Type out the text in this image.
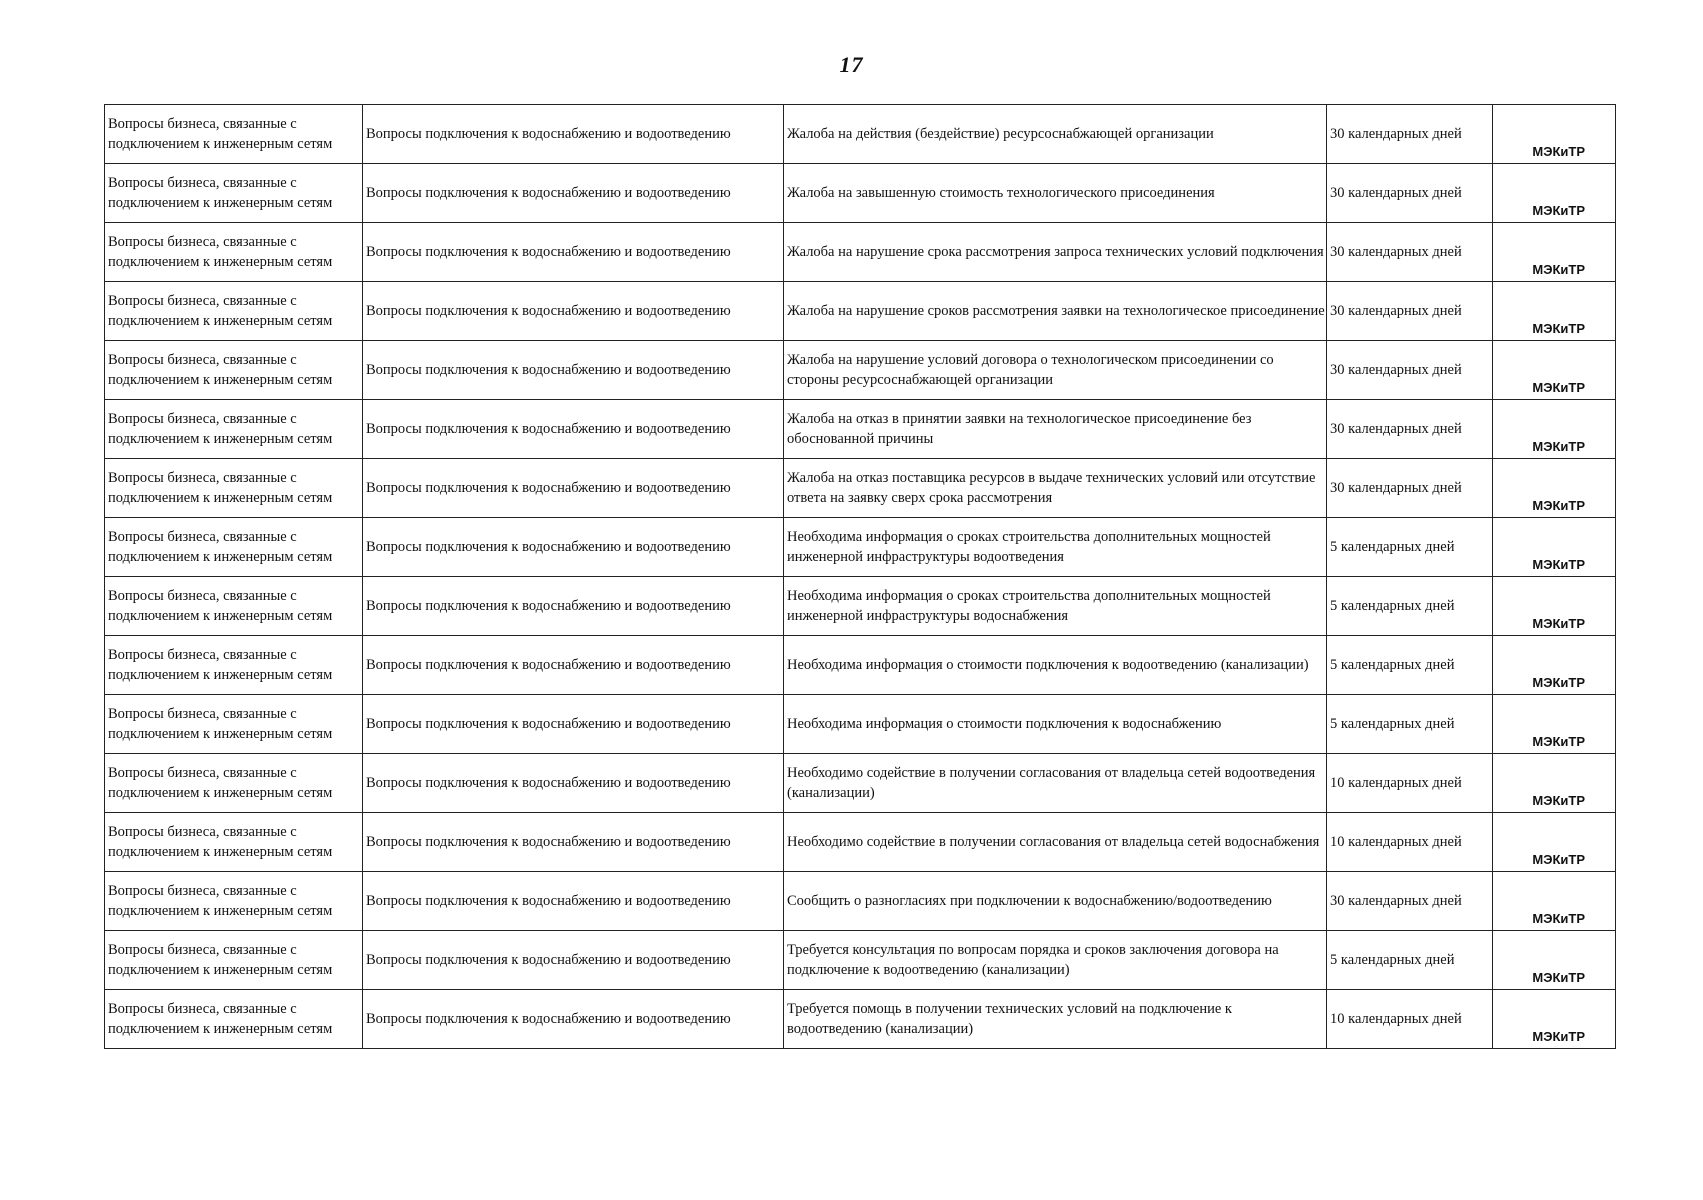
17
Вопросы бизнеса, связанные с подключением к инженерным сетям	Вопросы подключения к водоснабжению и водоотведению	Жалоба на действия (бездействие) ресурсоснабжающей организации	30 календарных дней	МЭКиТР
Вопросы бизнеса, связанные с подключением к инженерным сетям	Вопросы подключения к водоснабжению и водоотведению	Жалоба на завышенную стоимость технологического присоединения	30 календарных дней	МЭКиТР
Вопросы бизнеса, связанные с подключением к инженерным сетям	Вопросы подключения к водоснабжению и водоотведению	Жалоба на нарушение срока рассмотрения запроса технических условий подключения	30 календарных дней	МЭКиТР
Вопросы бизнеса, связанные с подключением к инженерным сетям	Вопросы подключения к водоснабжению и водоотведению	Жалоба на нарушение сроков рассмотрения заявки на технологическое присоединение	30 календарных дней	МЭКиТР
Вопросы бизнеса, связанные с подключением к инженерным сетям	Вопросы подключения к водоснабжению и водоотведению	Жалоба на нарушение условий договора о технологическом присоединении со стороны ресурсоснабжающей организации	30 календарных дней	МЭКиТР
Вопросы бизнеса, связанные с подключением к инженерным сетям	Вопросы подключения к водоснабжению и водоотведению	Жалоба на отказ в принятии заявки на технологическое присоединение без обоснованной причины	30 календарных дней	МЭКиТР
Вопросы бизнеса, связанные с подключением к инженерным сетям	Вопросы подключения к водоснабжению и водоотведению	Жалоба на отказ поставщика ресурсов в выдаче технических условий или отсутствие ответа на заявку сверх срока рассмотрения	30 календарных дней	МЭКиТР
Вопросы бизнеса, связанные с подключением к инженерным сетям	Вопросы подключения к водоснабжению и водоотведению	Необходима информация о сроках строительства дополнительных мощностей инженерной инфраструктуры водоотведения	5 календарных дней	МЭКиТР
Вопросы бизнеса, связанные с подключением к инженерным сетям	Вопросы подключения к водоснабжению и водоотведению	Необходима информация о сроках строительства дополнительных мощностей инженерной инфраструктуры водоснабжения	5 календарных дней	МЭКиТР
Вопросы бизнеса, связанные с подключением к инженерным сетям	Вопросы подключения к водоснабжению и водоотведению	Необходима информация о стоимости подключения к водоотведению (канализации)	5 календарных дней	МЭКиТР
Вопросы бизнеса, связанные с подключением к инженерным сетям	Вопросы подключения к водоснабжению и водоотведению	Необходима информация о стоимости подключения к водоснабжению	5 календарных дней	МЭКиТР
Вопросы бизнеса, связанные с подключением к инженерным сетям	Вопросы подключения к водоснабжению и водоотведению	Необходимо содействие в получении согласования от владельца сетей водоотведения (канализации)	10 календарных дней	МЭКиТР
Вопросы бизнеса, связанные с подключением к инженерным сетям	Вопросы подключения к водоснабжению и водоотведению	Необходимо содействие в получении согласования от владельца сетей водоснабжения	10 календарных дней	МЭКиТР
Вопросы бизнеса, связанные с подключением к инженерным сетям	Вопросы подключения к водоснабжению и водоотведению	Сообщить о разногласиях при подключении к водоснабжению/водоотведению	30 календарных дней	МЭКиТР
Вопросы бизнеса, связанные с подключением к инженерным сетям	Вопросы подключения к водоснабжению и водоотведению	Требуется консультация по вопросам порядка и сроков заключения договора на подключение к водоотведению (канализации)	5 календарных дней	МЭКиТР
Вопросы бизнеса, связанные с подключением к инженерным сетям	Вопросы подключения к водоснабжению и водоотведению	Требуется помощь в получении технических условий на подключение к водоотведению (канализации)	10 календарных дней	МЭКиТР
